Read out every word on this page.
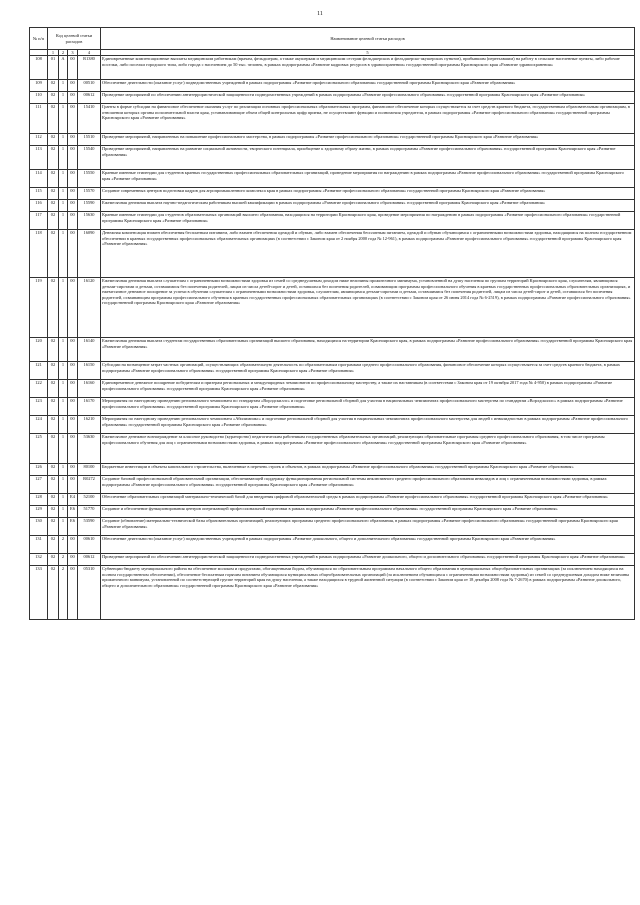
11
№ п/п	Код целевой статьи расходов				Наименование целевой статьи расходов
	1	2	3	4	5
108	01	А	00	R1380	Единовременные компенсационные выплаты медицинским работникам (врачам, фельдшерам, а также акушеркам и медицинским сестрам фельдшерских и фельдшерско-акушерских пунктов), прибывшим (переехавшим) на работу в сельские населенные пункты, либо рабочие поселки, либо поселки городского типа, либо города с населением до 50 тыс. человек, в рамках подпрограммы «Развитие кадровых ресурсов в здравоохранении» государственной программы Красноярского края «Развитие здравоохранения»
109	02	1	00	00510	Обеспечение деятельности (оказание услуг) подведомственных учреждений в рамках подпрограммы «Развитие профессионального образования» государственной программы Красноярского края «Развитие образования»
110	02	1	00	00612	Проведение мероприятий по обеспечению антитеррористической защищенности подведомственных учреждений в рамках подпрограммы «Развитие профессионального образования» государственной программы Красноярского края «Развитие образования»
111	02	1	00	15410	Гранты в форме субсидии на финансовое обеспечение оказания услуг по реализации основных профессиональных образовательных программ, финансовое обеспечение которых осуществляется за счет средств краевого бюджета, государственным образовательным организациям, в отношении которых органы исполнительной власти края, устанавливающие объем общей контрольных цифр приема, не осуществляют функции и полномочия учредителя, в рамках подпрограммы «Развитие профессионального образования» государственной программы Красноярского края «Развитие образования»
112	02	1	00	15510	Проведение мероприятий, направленных на повышение профессионального мастерства, в рамках подпрограммы «Развитие профессионального образования» государственной программы Красноярского края «Развитие образования»
113	02	1	00	15540	Проведение мероприятий, направленных на развитие социальной активности, творческого потенциала, приобщение к здоровому образу жизни, в рамках подпрограммы «Развитие профессионального образования» государственной программы Красноярского края «Развитие образования»
114	02	1	00	15550	Краевые именные стипендии для студентов краевых государственных профессиональных образовательных организаций, проведение мероприятия по награждению в рамках подпрограммы «Развитие профессионального образования» государственной программы Красноярского края «Развитие образования»
115	02	1	00	15570	Создание современных центров подготовки кадров для агропромышленного комплекса края в рамках подпрограммы «Развитие профессионального образования» государственной программы Красноярского края «Развитие образования»
116	02	1	00	15590	Ежемесячная денежная выплата научно-педагогическим работникам высшей квалификации в рамках подпрограммы «Развитие профессионального образования» государственной программы Красноярского края «Развитие образования»
117	02	1	00	15630	Краевые именные стипендии для студентов образовательных организаций высшего образования, находящихся на территории Красноярского края, проведение мероприятия по награждению в рамках подпрограммы «Развитие профессионального образования» государственной программы Красноярского края «Развитие образования»
118	02	1	00	16090	Денежная компенсация взамен обеспечения бесплатным питанием, либо взамен обеспечения одеждой и обувью, либо взамен обеспечения бесплатным питанием, одеждой и обувью обучающимся с ограниченными возможностями здоровья, находящимся на полном государственном обеспечении в краевых государственных профессиональных образовательных организациях (в соответствии с Законом края от 2 ноября 2000 года № 12-961), в рамках подпрограммы «Развитие профессионального образования» государственной программы Красноярского края «Развитие образования»
119	02	1	00	16120	Ежемесячная денежная выплата слушателям с ограниченными возможностями здоровья из семей со среднедушевым доходом ниже величины прожиточного минимума, установленной на душу населения по группам территорий Красноярского края, слушателям, являющимся детьми-сиротами и детьми, оставшимися без попечения родителей, лицам из числа детей-сирот и детей, оставшихся без попечения родителей, осваивающим программы профессионального обучения в краевых государственных профессиональных образовательных организациях, и ежемесячное денежное поощрение за успехи в обучении слушателям с ограниченными возможностями здоровья, слушателям, являющимся детьми-сиротами и детьми, оставшимися без попечения родителей, лицам из числа детей-сирот и детей, оставшихся без попечения родителей, осваивающим программы профессионального обучения в краевых государственных профессиональных образовательных организациях (в соответствии с Законом края от 26 июня 2014 года № 6-2519), в рамках подпрограммы «Развитие профессионального образования» государственной программы Красноярского края «Развитие образования»
120	02	1	00	16140	Ежемесячная денежная выплата студентам государственных образовательных организаций высшего образования, находящихся на территории Красноярского края, в рамках подпрограммы «Развитие профессионального образования» государственной программы Красноярского края «Развитие образования»
121	02	1	00	16150	Субсидии на возмещение затрат частных организаций, осуществляющих образовательную деятельность по образовательным программам среднего профессионального образования, финансовое обеспечение которых осуществляется за счет средств краевого бюджета, в рамках подпрограммы «Развитие профессионального образования» государственной программы Красноярского края «Развитие образования»
122	02	1	00	16160	Единовременное денежное поощрение победителям и призерам региональных и международных чемпионатов по профессиональному мастерству, а также их наставникам (в соответствии с Законом края от 19 октября 2017 года № 4-950) в рамках подпрограммы «Развитие профессионального образования» государственной программы Красноярского края «Развитие образования»
123	02	1	00	16170	Мероприятия по ежегодному проведению регионального чемпионата по стандартам «Ворлдскиллс» и подготовке региональной сборной для участия в национальных чемпионатах профессионального мастерства по стандартам «Ворлдскиллс» в рамках подпрограммы «Развитие профессионального образования» государственной программы Красноярского края «Развитие образования»
124	02	1	00	16210	Мероприятия по ежегодному проведению регионального чемпионата «Абилимпикс» и подготовке региональной сборной для участия в национальных чемпионатах профессионального мастерства для людей с инвалидностью в рамках подпрограммы «Развитие профессионального образования» государственной программы Красноярского края «Развитие образования»
125	02	1	00	53630	Ежемесячное денежное вознаграждение за классное руководство (кураторство) педагогическим работникам государственных образовательных организаций, реализующих образовательные программы среднего профессионального образования, в том числе программы профессионального обучения для лиц с ограниченными возможностями здоровья, в рамках подпрограммы «Развитие профессионального образования» государственной программы Красноярского края «Развитие образования»
126	02	1	00	80100	Бюджетные инвестиции в объекты капитального строительства, включенные в перечень строек и объектов, в рамках подпрограммы «Развитие профессионального образования» государственной программы Красноярского края «Развитие образования»
127	02	1	00	R0272	Создание базовой профессиональной образовательной организации, обеспечивающей поддержку функционирования региональной системы инклюзивного среднего профессионального образования инвалидов и лиц с ограниченными возможностями здоровья, в рамках подпрограммы «Развитие профессионального образования» государственной программы Красноярского края «Развитие образования»
128	02	1	E4	52100	Обеспечение образовательных организаций материально-технической базой для внедрения цифровой образовательной среды в рамках подпрограммы «Развитие профессионального образования» государственной программы Красноярского края «Развитие образования»
129	02	1	E6	51770	Создание и обеспечение функционирования центров опережающей профессиональной подготовки в рамках подпрограммы «Развитие профессионального образования» государственной программы Красноярского края «Развитие образования»
130	02	1	E6	53590	Создание (обновление) материально-технической базы образовательных организаций, реализующих программы среднего профессионального образования, в рамках подпрограммы «Развитие профессионального образования» государственной программы Красноярского края «Развитие образования»
131	02	2	00	00610	Обеспечение деятельности (оказание услуг) подведомственных учреждений в рамках подпрограммы «Развитие дошкольного, общего и дополнительного образования» государственной программы Красноярского края «Развитие образования»
132	02	2	00	00612	Проведение мероприятий по обеспечению антитеррористической защищенности подведомственных учреждений в рамках подпрограммы «Развитие дошкольного, общего и дополнительного образования» государственной программы Красноярского края «Развитие образования»
133	02	2	00	05310	Субвенции бюджету муниципального района на обеспечение молоком и продуктами, обогащенными йодом, обучающихся по образовательным программам начального общего образования в муниципальных общеобразовательных организациях (за исключением находящихся на полном государственном обеспечении), обеспечение бесплатным горячим питанием обучающихся муниципальных общеобразовательных организаций (за исключением обучающихся с ограниченными возможностями здоровья) из семей со среднедушевым доходом ниже величины прожиточного минимума, установленной по соответствующей группе территорий края на душу населения, а также находящихся в трудной жизненной ситуации (в соответствии с Законом края от 18 декабря 2008 года № 7-2670) в рамках подпрограммы «Развитие дошкольного, общего и дополнительного образования» государственной программы Красноярского края «Развитие образования»
